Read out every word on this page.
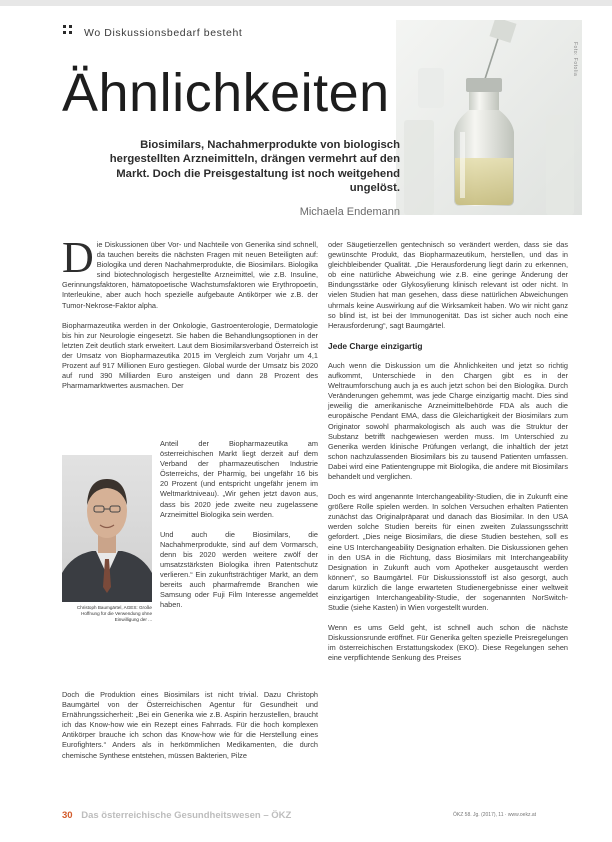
Wo Diskussionsbedarf besteht
Foto: Fotolia
Ähnlichkeiten
Biosimilars, Nachahmerprodukte von biologisch hergestellten Arzneimitteln, drängen vermehrt auf den Markt. Doch die Preisgestaltung ist noch weitgehend ungelöst.
Michaela Endemann

Die Diskussionen über Vor- und Nachteile von Generika sind schnell, da tauchen bereits die nächsten Fragen mit neuen Beteiligten auf: Biologika und deren Nachahmerprodukte, die Biosimilars. Biologika sind biotechnologisch hergestellte Arzneimittel, wie z.B. Insuline, Gerinnungsfaktoren, hämatopoetische Wachstumsfaktoren wie Erythropoetin, Interleukine, aber auch hoch spezielle aufgebaute Antikörper wie z.B. der Tumor-Nekrose-Faktor alpha.

Biopharmazeutika werden in der Onkologie, Gastroenterologie, Dermatologie bis hin zur Neurologie eingesetzt. Sie haben die Behandlungsoptionen in der letzten Zeit deutlich stark erweitert. Laut dem Biosimilarsverband Österreich ist der Umsatz von Biopharmazeutika 2015 im Vergleich zum Vorjahr um 4,1 Prozent auf 917 Millionen Euro gestiegen. Global wurde der Umsatz bis 2020 auf rund 390 Milliarden Euro ansteigen und dann 28 Prozent des Pharmamarktwertes ausmachen. Der

Anteil der Biopharmazeutika am österreichischen Markt liegt derzeit auf dem Verband der pharmazeutischen Industrie Österreichs, der Pharmig, bei ungefähr 16 bis 20 Prozent (und entspricht ungefähr jenem im Weltmarktniveau). „Wir gehen jetzt davon aus, dass bis 2020 jede zweite neu zugelassene Arzneimittel Biologika sein werden.

Und auch die Biosimilars, die Nachahmerprodukte, sind auf dem Vormarsch, denn bis 2020 werden weitere zwölf der umsatzstärksten Biologika ihren Patentschutz verlieren.“ Ein zukunftsträchtiger Markt, an dem bereits auch pharmafremde Branchen wie Samsung oder Fuji Film Interesse angemeldet haben.

Christoph Baumgärtel, AGES: Große Hoffnung für die Verwendung ohne Einwilligung der ...

Doch die Produktion eines Biosimilars ist nicht trivial. Dazu Christoph Baumgärtel von der Österreichischen Agentur für Gesundheit und Ernährungssicherheit: „Bei ein Generika wie z.B. Aspirin herzustellen, braucht ich das Know-how wie ein Rezept eines Fahrrads. Für die hoch komplexen Antikörper brauche ich schon das Know-how wie für die Herstellung eines Eurofighters.“ Anders als in herkömmlichen Medikamenten, die durch chemische Synthese entstehen, müssen Bakterien, Pilze

oder Säugetierzellen gentechnisch so verändert werden, dass sie das gewünschte Produkt, das Biopharmazeutikum, herstellen, und das in gleichbleibender Qualität. „Die Herausforderung liegt darin zu erkennen, ob eine natürliche Abweichung wie z.B. eine geringe Änderung der Bindungsstärke oder Glykosylierung klinisch relevant ist oder nicht. In vielen Studien hat man gesehen, dass diese natürlichen Abweichungen uhrmals keine Auswirkung auf die Wirksamkeit haben. Wo wir nicht ganz so blind ist, ist bei der Immunogenität. Das ist sicher auch noch eine Herausforderung“, sagt Baumgärtel.

Jede Charge einzigartig

Auch wenn die Diskussion um die Ähnlichkeiten und jetzt so richtig aufkommt, Unterschiede in den Chargen gibt es in der Weltraumforschung auch ja es auch jetzt schon bei den Biologika. Durch Veränderungen gehemmt, was jede Charge einzigartig macht. Dies sind jeweilig die amerikanische Arzneimittelbehörde FDA als auch die europäische Pendant EMA, dass die Gleichartigkeit der Biosimilars zum Originator sowohl pharmakologisch als auch was die Struktur der Substanz betrifft nachgewiesen werden muss. Im Unterschied zu Generika werden klinische Prüfungen verlangt, die inhaltlich der jetzt schon nachzulassenden Biosimilars bis zu tausend Patienten umfassen. Dabei wird eine Patientengruppe mit Biologika, die andere mit Biosimilars behandelt und verglichen.

Doch es wird angenannte Interchangeability-Studien, die in Zukunft eine größere Rolle spielen werden. In solchen Versuchen erhalten Patienten zunächst das Originalpräparat und danach das Biosimilar. In den USA werden solche Studien bereits für einen zweiten Zulassungsschritt gefordert. „Dies neige Biosimilars, die diese Studien bestehen, soll es eine US Interchangeability Designation erhalten. Die Diskussionen gehen in den USA in die Richtung, dass Biosimilars mit Interchangeability Designation in Zukunft auch vom Apotheker ausgetauscht werden können“, so Baumgärtel. Für Diskussionsstoff ist also gesorgt, auch darum kürzlich die lange erwarteten Studienergebnisse einer weltweit einzigartigen Interchangeability-Studie, der sogenannten NorSwitch-Studie (siehe Kasten) in Wien vorgestellt wurden.

Wenn es ums Geld geht, ist schnell auch schon die nächste Diskussionsrunde eröffnet. Für Generika gelten spezielle Preisregelungen im österreichischen Erstattungskodex (EKO). Diese Regelungen sehen eine verpflichtende Senkung des Preises

30 Das österreichische Gesundheitswesen – ÖKZ	ÖKZ 58. Jg. (2017), 11 · www.oekz.at
